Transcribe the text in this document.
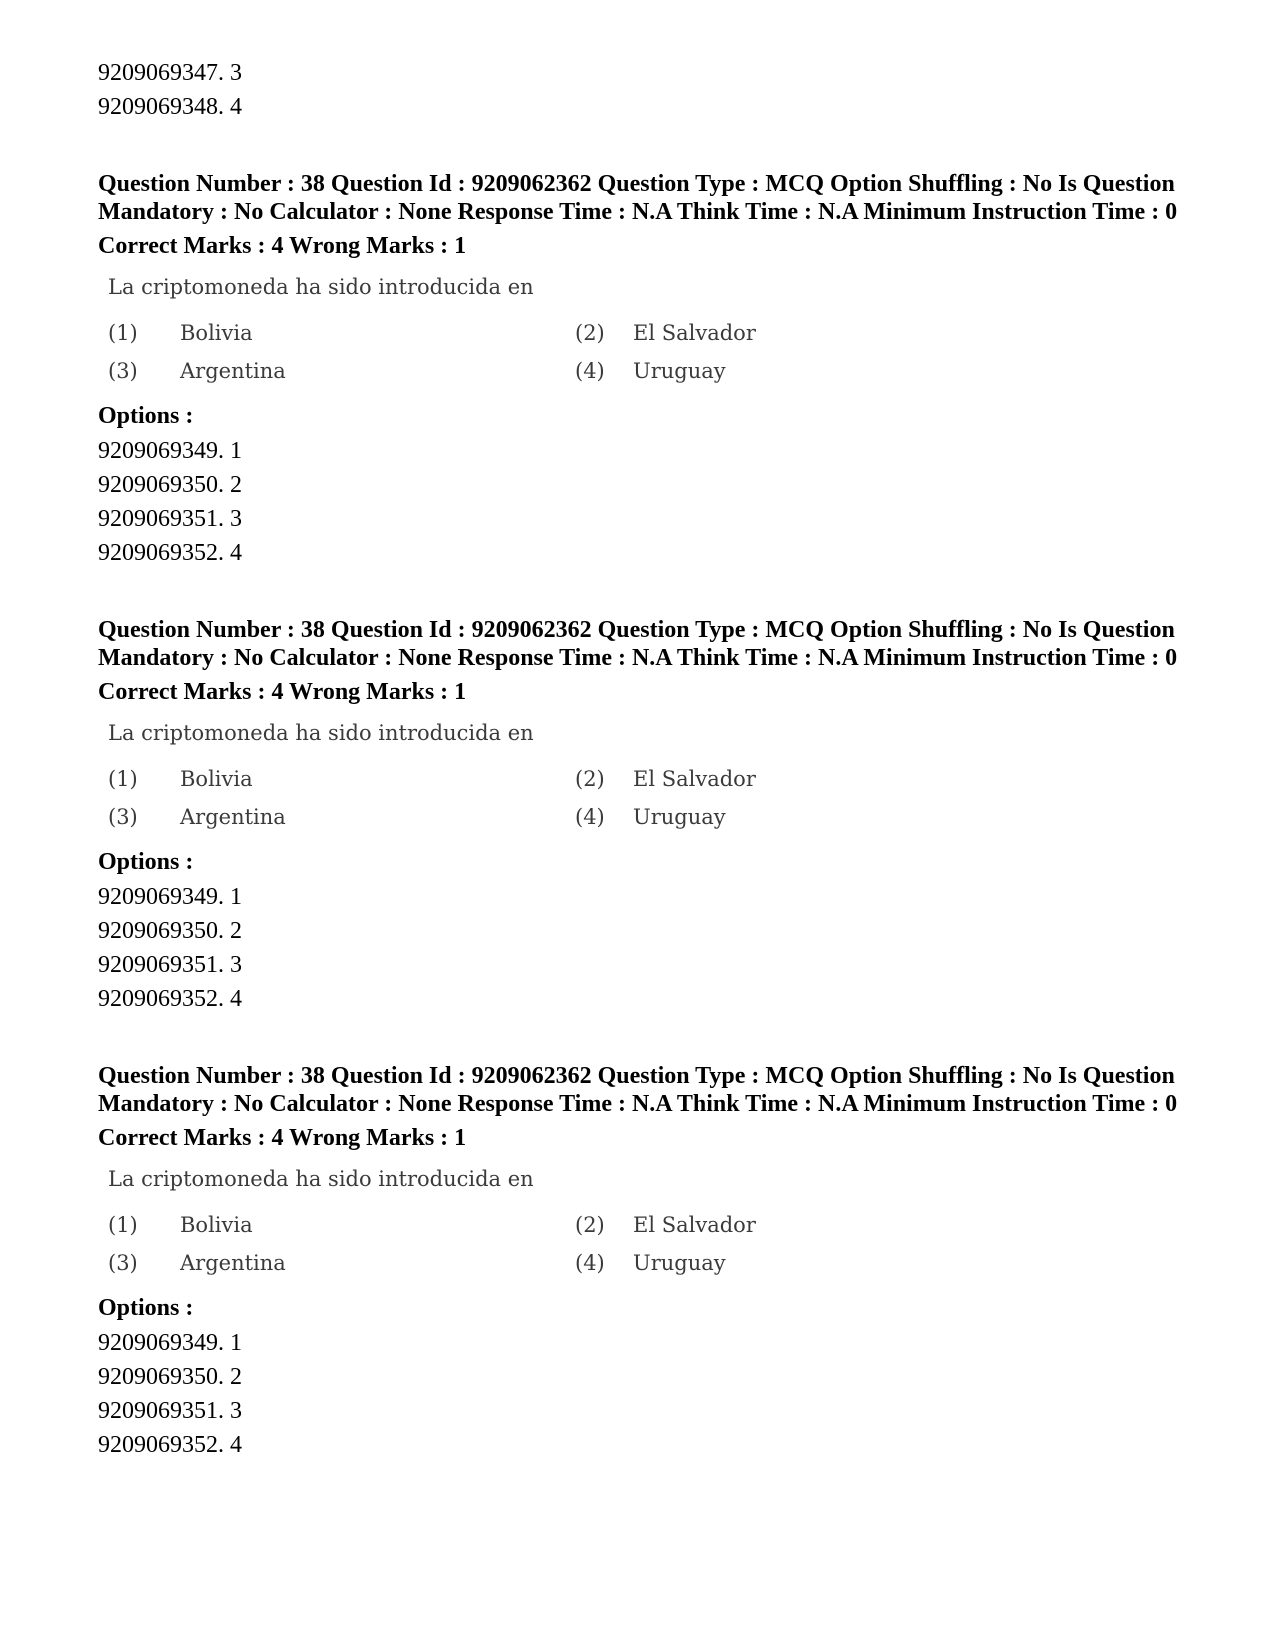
9209069347. 3
9209069348. 4
Question Number : 38 Question Id : 9209062362 Question Type : MCQ Option Shuffling : No Is Question Mandatory : No Calculator : None Response Time : N.A Think Time : N.A Minimum Instruction Time : 0
Correct Marks : 4 Wrong Marks : 1
La criptomoneda ha sido introducida en
(1)	Bolivia	(2)	El Salvador
(3)	Argentina	(4)	Uruguay
Options :
9209069349. 1
9209069350. 2
9209069351. 3
9209069352. 4
Question Number : 38 Question Id : 9209062362 Question Type : MCQ Option Shuffling : No Is Question Mandatory : No Calculator : None Response Time : N.A Think Time : N.A Minimum Instruction Time : 0
Correct Marks : 4 Wrong Marks : 1
La criptomoneda ha sido introducida en
(1)	Bolivia	(2)	El Salvador
(3)	Argentina	(4)	Uruguay
Options :
9209069349. 1
9209069350. 2
9209069351. 3
9209069352. 4
Question Number : 38 Question Id : 9209062362 Question Type : MCQ Option Shuffling : No Is Question Mandatory : No Calculator : None Response Time : N.A Think Time : N.A Minimum Instruction Time : 0
Correct Marks : 4 Wrong Marks : 1
La criptomoneda ha sido introducida en
(1)	Bolivia	(2)	El Salvador
(3)	Argentina	(4)	Uruguay
Options :
9209069349. 1
9209069350. 2
9209069351. 3
9209069352. 4
